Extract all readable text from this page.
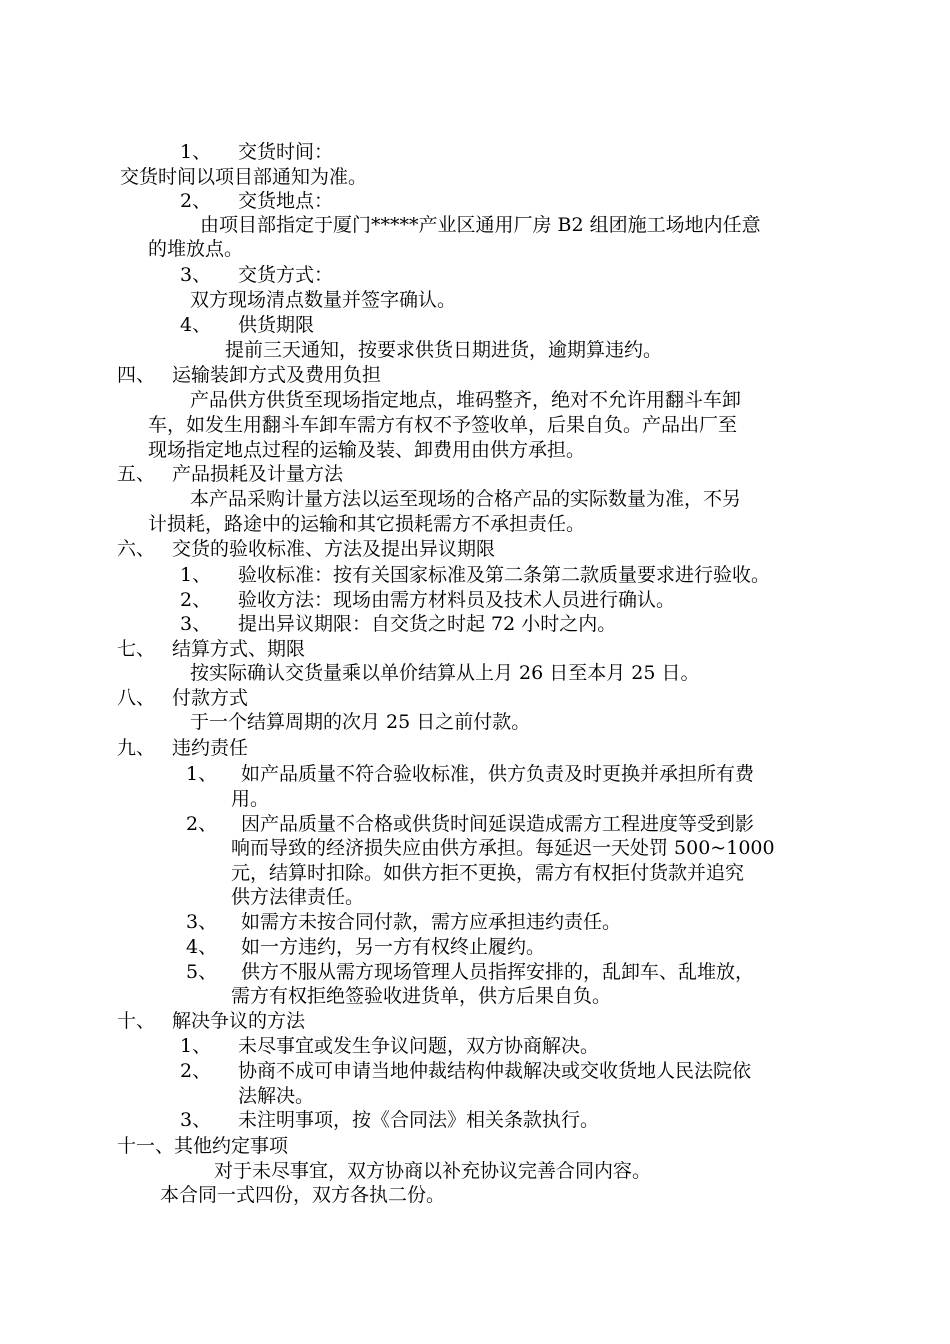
1、 交货时间：
交货时间以项目部通知为准。
2、 交货地点：
由项目部指定于厦门*****产业区通用厂房 B2 组团施工场地内任意
的堆放点。
3、 交货方式：
双方现场清点数量并签字确认。
4、 供货期限
提前三天通知，按要求供货日期进货，逾期算违约。
四、 运输装卸方式及费用负担
产品供方供货至现场指定地点，堆码整齐，绝对不允许用翻斗车卸
车，如发生用翻斗车卸车需方有权不予签收单，后果自负。产品出厂至
现场指定地点过程的运输及装、卸费用由供方承担。
五、 产品损耗及计量方法
本产品采购计量方法以运至现场的合格产品的实际数量为准，不另
计损耗，路途中的运输和其它损耗需方不承担责任。
六、 交货的验收标准、方法及提出异议期限
1、 验收标准：按有关国家标准及第二条第二款质量要求进行验收。
2、 验收方法：现场由需方材料员及技术人员进行确认。
3、 提出异议期限：自交货之时起 72 小时之内。
七、 结算方式、期限
按实际确认交货量乘以单价结算从上月 26 日至本月 25 日。
八、 付款方式
于一个结算周期的次月 25 日之前付款。
九、 违约责任
1、 如产品质量不符合验收标准，供方负责及时更换并承担所有费
用。
2、 因产品质量不合格或供货时间延误造成需方工程进度等受到影
响而导致的经济损失应由供方承担。每延迟一天处罚 500~1000
元，结算时扣除。如供方拒不更换，需方有权拒付货款并追究
供方法律责任。
3、 如需方未按合同付款，需方应承担违约责任。
4、 如一方违约，另一方有权终止履约。
5、 供方不服从需方现场管理人员指挥安排的，乱卸车、乱堆放，
需方有权拒绝签验收进货单，供方后果自负。
十、 解决争议的方法
1、 未尽事宜或发生争议问题，双方协商解决。
2、 协商不成可申请当地仲裁结构仲裁解决或交收货地人民法院依
法解决。
3、 未注明事项，按《合同法》相关条款执行。
十一、其他约定事项
对于未尽事宜，双方协商以补充协议完善合同内容。
本合同一式四份，双方各执二份。
